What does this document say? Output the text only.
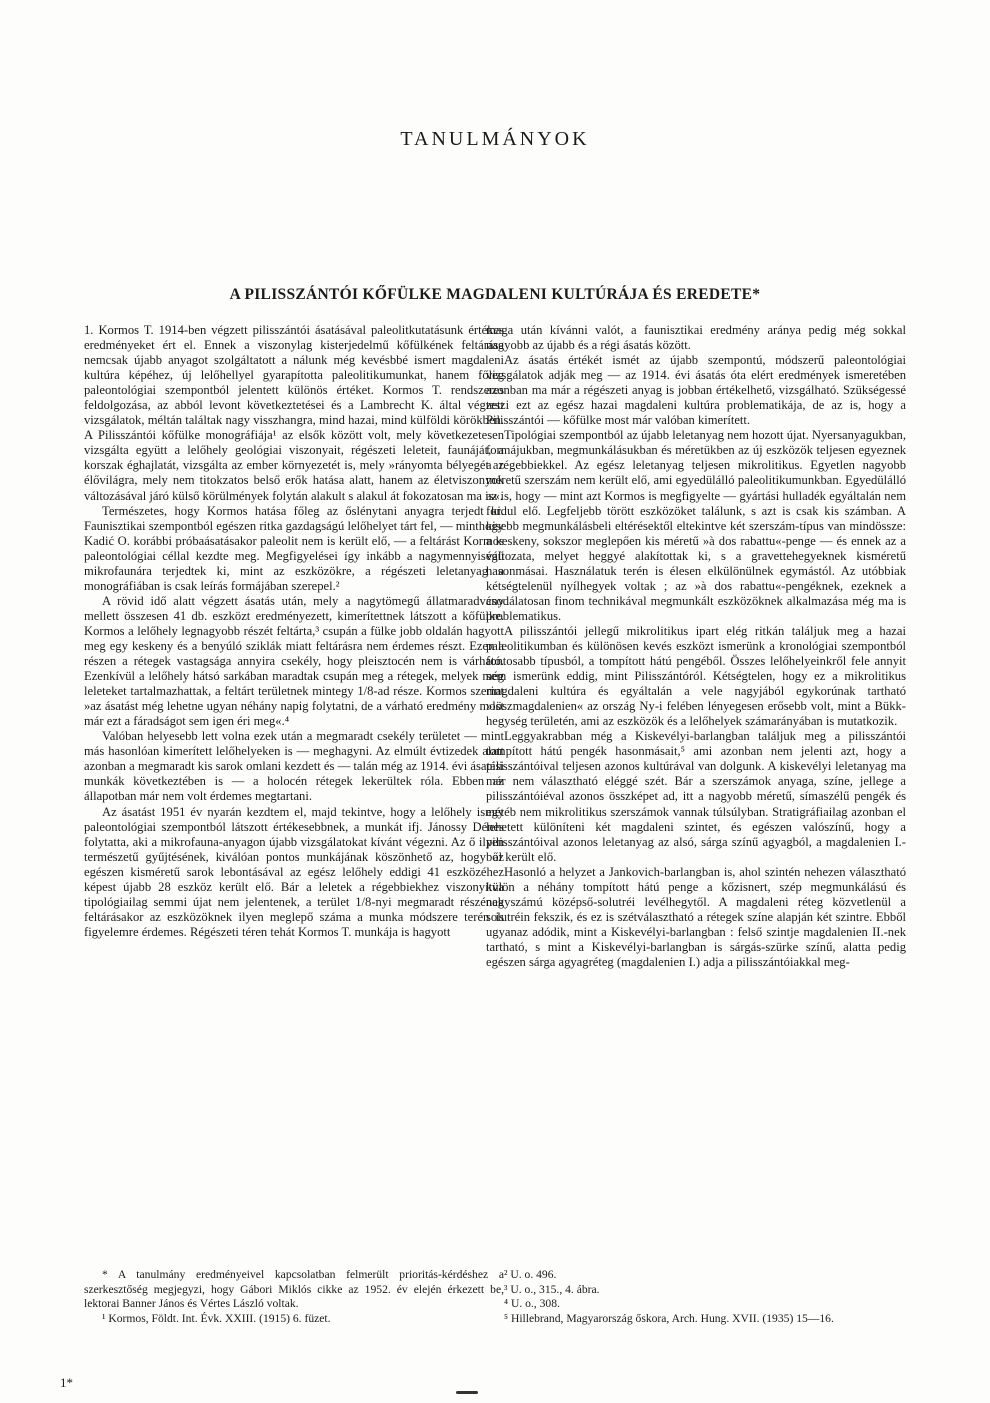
TANULMÁNYOK
A PILISSZÁNTÓI KŐFÜLKE MAGDALENI KULTÚRÁJA ÉS EREDETE*

1. Kormos T. 1914-ben végzett pilisszántói ásatásával paleolitkutatásunk értékes eredményeket ért el. Ennek a viszonylag kisterjedelmű kőfülkének feltárása nemcsak újabb anyagot szolgáltatott a nálunk még kevésbbé ismert magdaleni kultúra képéhez, új lelőhellyel gyarapította paleolitikumunkat, hanem főleg paleontológiai szempontból jelentett különös értéket. Kormos T. rendszeres feldolgozása, az abból levont következtetései és a Lambrecht K. által végzett vizsgálatok, méltán találtak nagy visszhangra, mind hazai, mind külföldi körökben. A Pilisszántói kőfülke monográfiája¹ az elsők között volt, mely következetesen vizsgálta együtt a lelőhely geológiai viszonyait, régészeti leleteit, faunáját, a korszak éghajlatát, vizsgálta az ember környezetét is, mely »rányomta bélyegét az élővilágra, mely nem titokzatos belső erők hatása alatt, hanem az életviszonyok változásával járó külső körülmények folytán alakult s alakul át fokozatosan ma is«.

Természetes, hogy Kormos hatása főleg az őslénytani anyagra terjedt ki. Faunisztikai szempontból egészen ritka gazdagságú lelőhelyet tárt fel, — minthogy Kadić O. korábbi próbaásatásakor paleolit nem is került elő, — a feltárást Kormos paleontológiai céllal kezdte meg. Megfigyelései így inkább a nagymennyiségű mikrofaunára terjedtek ki, mint az eszközökre, a régészeti leletanyag a monográfiában is csak leírás formájában szerepel.²

A rövid idő alatt végzett ásatás után, mely a nagytömegű állatmaradvány mellett összesen 41 db. eszközt eredményezett, kimerítettnek látszott a kőfülke. Kormos a lelőhely legnagyobb részét feltárta,³ csupán a fülke jobb oldalán hagyott meg egy keskeny és a benyúló sziklák miatt feltárásra nem érdemes részt. Ezen a részen a rétegek vastagsága annyira csekély, hogy pleisztocén nem is várható. Ezenkívül a lelőhely hátsó sarkában maradtak csupán meg a rétegek, melyek még leleteket tartalmazhattak, a feltárt területnek mintegy 1/8-ad része. Kormos szerint »az ásatást még lehetne ugyan néhány napig folytatni, de a várható eredmény most már ezt a fáradságot sem igen éri meg«.⁴

Valóban helyesebb lett volna ezek után a megmaradt csekély területet — mint más hasonlóan kimerített lelőhelyeken is — meghagyni. Az elmúlt évtizedek alatt azonban a megmaradt kis sarok omlani kezdett és — talán még az 1914. évi ásatási munkák következtében is — a holocén rétegek lekerültek róla. Ebben az állapotban már nem volt érdemes megtartani.

Az ásatást 1951 év nyarán kezdtem el, majd tekintve, hogy a lelőhely ismét paleontológiai szempontból látszott értékesebbnek, a munkát ifj. Jánossy Dénes folytatta, aki a mikrofauna-anyagon újabb vizsgálatokat kívánt végezni. Az ő ilyen természetű gyűjtésének, kiválóan pontos munkájának köszönhető az, hogy az egészen kisméretű sarok lebontásával az egész lelőhely eddigi 41 eszközéhez képest újabb 28 eszköz került elő. Bár a leletek a régebbiekhez viszonyítva tipológiailag semmi újat nem jelentenek, a terület 1/8-nyi megmaradt részének feltárásakor az eszközöknek ilyen meglepő száma a munka módszere terén is figyelemre érdemes. Régészeti téren tehát Kormos T. munkája is hagyott

maga után kívánni valót, a faunisztikai eredmény aránya pedig még sokkal nagyobb az újabb és a régi ásatás között.

Az ásatás értékét ismét az újabb szempontú, módszerű paleontológiai vizsgálatok adják meg — az 1914. évi ásatás óta elért eredmények ismeretében azonban ma már a régészeti anyag is jobban értékelhető, vizsgálható. Szükségessé teszi ezt az egész hazai magdaleni kultúra problematikája, de az is, hogy a Pilisszántói — kőfülke most már valóban kimerített.

Tipológiai szempontból az újabb leletanyag nem hozott újat. Nyersanyagukban, formájukban, megmunkálásukban és méretükben az új eszközök teljesen egyeznek a régebbiekkel. Az egész leletanyag teljesen mikrolitikus. Egyetlen nagyobb méretű szerszám nem került elő, ami egyedülálló paleolitikumunkban. Egyedülálló az is, hogy — mint azt Kormos is megfigyelte — gyártási hulladék egyáltalán nem fordul elő. Legfeljebb törött eszközöket találunk, s azt is csak kis számban. A kisebb megmunkálásbeli eltérésektől eltekintve két szerszám-típus van mindössze: a keskeny, sokszor meglepően kis méretű »à dos rabattu«-penge — és ennek az a változata, melyet heggyé alakítottak ki, s a gravettehegyeknek kisméretű hasonmásai. Használatuk terén is élesen elkülönülnek egymástól. Az utóbbiak kétségtelenül nyílhegyek voltak ; az »à dos rabattu«-pengéknek, ezeknek a csodálatosan finom technikával megmunkált eszközöknek alkalmazása még ma is problematikus.

A pilisszántói jellegű mikrolitikus ipart elég ritkán találjuk meg a hazai paleolitikumban és különösen kevés eszközt ismerünk a kronológiai szempontból fontosabb típusból, a tompított hátú pengéből. Összes lelőhelyeinkről fele annyit sem ismerünk eddig, mint Pilisszántóról. Kétségtelen, hogy ez a mikrolitikus magdaleni kultúra és egyáltalán a vele nagyjából egykorúnak tartható »löszmagdalenien« az ország Ny-i felében lényegesen erősebb volt, mint a Bükk-hegység területén, ami az eszközök és a lelőhelyek számarányában is mutatkozik.

Leggyakrabban még a Kiskevélyi-barlangban találjuk meg a pilisszántói tompított hátú pengék hasonmásait,⁵ ami azonban nem jelenti azt, hogy a pilisszántóival teljesen azonos kultúrával van dolgunk. A kiskevélyi leletanyag ma már nem választható eléggé szét. Bár a szerszámok anyaga, színe, jellege a pilisszántóiéval azonos összképet ad, itt a nagyobb méretű, símaszélű pengék és egyéb nem mikrolitikus szerszámok vannak túlsúlyban. Stratigráfiailag azonban el lehetett különíteni két magdaleni szintet, és egészen valószínű, hogy a pilisszántóival azonos leletanyag az alsó, sárga színű agyagból, a magdalenien I.-ből került elő.

Hasonló a helyzet a Jankovich-barlangban is, ahol szintén nehezen választható külön a néhány tompított hátú penge a kőzisnert, szép megmunkálású és nagyszámú középső-solutréi levélhegytől. A magdaleni réteg közvetlenül a solutréin fekszik, és ez is szétválasztható a rétegek színe alapján két szintre. Ebből ugyanaz adódik, mint a Kiskevélyi-barlangban : felső szintje magdalenien II.-nek tartható, s mint a Kiskevélyi-barlangban is sárgás-szürke színű, alatta pedig egészen sárga agyagréteg (magdalenien I.) adja a pilisszántóiakkal meg-

* A tanulmány eredményeivel kapcsolatban felmerült prioritás-kérdéshez a szerkesztőség megjegyzi, hogy Gábori Miklós cikke az 1952. év elején érkezett be, lektorai Banner János és Vértes László voltak.

¹ Kormos, Földt. Int. Évk. XXIII. (1915) 6. füzet.

² U. o. 496.

³ U. o., 315., 4. ábra.

⁴ U. o., 308.

⁵ Hillebrand, Magyarország őskora, Arch. Hung. XVII. (1935) 15—16.

1*
